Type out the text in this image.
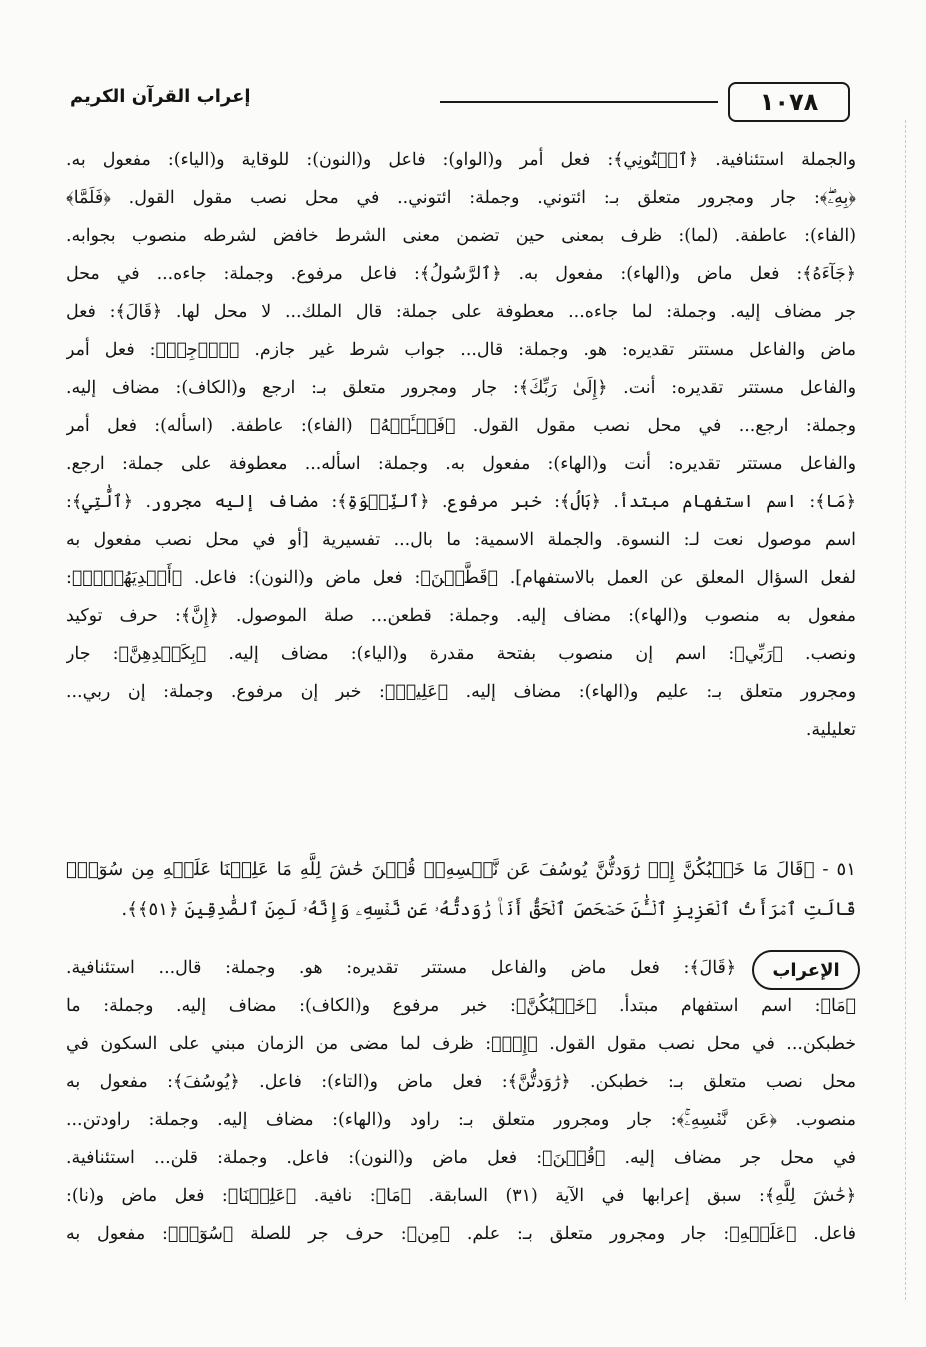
١٠٧٨
إعراب القرآن الكريم
والجملة استئنافية. ﴿ٱئۡتُونِي﴾: فعل أمر و(الواو): فاعل و(النون): للوقاية و(الياء): مفعول به.
﴿بِهِۦۖ﴾: جار ومجرور متعلق بـ: ائتوني. وجملة: ائتوني.. في محل نصب مقول القول. ﴿فَلَمَّا﴾
(الفاء): عاطفة. (لما): ظرف بمعنى حين تضمن معنى الشرط خافض لشرطه منصوب بجوابه.
﴿جَآءَهُ﴾: فعل ماض و(الهاء): مفعول به. ﴿ٱلرَّسُولُ﴾: فاعل مرفوع. وجملة: جاءه... في محل
جر مضاف إليه. وجملة: لما جاءه... معطوفة على جملة: قال الملك... لا محل لها. ﴿قَالَ﴾: فعل
ماض والفاعل مستتر تقديره: هو. وجملة: قال... جواب شرط غير جازم. ﴿ٱرۡجِعۡ﴾: فعل أمر
والفاعل مستتر تقديره: أنت. ﴿إِلَىٰ رَبِّكَ﴾: جار ومجرور متعلق بـ: ارجع و(الكاف): مضاف إليه.
وجملة: ارجع... في محل نصب مقول القول. ﴿فَسۡـَٔلۡهُ﴾ (الفاء): عاطفة. (اسأله): فعل أمر
والفاعل مستتر تقديره: أنت و(الهاء): مفعول به. وجملة: اسأله... معطوفة على جملة: ارجع.
﴿مَا﴾: اسم استفهام مبتدأ. ﴿بَالُ﴾: خبر مرفوع. ﴿ٱلنِّسۡوَةِ﴾: مضاف إليه مجرور. ﴿ٱلَّٰتِي﴾:
اسم موصول نعت لـ: النسوة. والجملة الاسمية: ما بال... تفسيرية [أو في محل نصب مفعول به
لفعل السؤال المعلق عن العمل بالاستفهام]. ﴿قَطَّعۡنَ﴾: فعل ماض و(النون): فاعل. ﴿أَيۡدِيَهُنَّۚ﴾:
مفعول به منصوب و(الهاء): مضاف إليه. وجملة: قطعن... صلة الموصول. ﴿إِنَّ﴾: حرف توكيد
ونصب. ﴿رَبِّي﴾: اسم إن منصوب بفتحة مقدرة و(الياء): مضاف إليه. ﴿بِكَيۡدِهِنَّ﴾: جار
ومجرور متعلق بـ: عليم و(الهاء): مضاف إليه. ﴿عَلِيمٞ﴾: خبر إن مرفوع. وجملة: إن ربي...
تعليلية.
٥١ - ﴿قَالَ مَا خَطۡبُكُنَّ إِذۡ رَٰوَدتُّنَّ يُوسُفَ عَن نَّفۡسِهِۦۚ قُلۡنَ حَٰشَ لِلَّهِ مَا عَلِمۡنَا عَلَيۡهِ مِن سُوٓءٖۚ
قَالَتِ ٱمۡرَأَتُ ٱلۡعَزِيزِ ٱلۡـَٰٔنَ حَصۡحَصَ ٱلۡحَقُّ أَنَا۠ رَٰوَدتُّهُۥ عَن نَّفۡسِهِۦ وَإِنَّهُۥ لَمِنَ ٱلصَّٰدِقِينَ ﴿٥١﴾﴾.
﴿قَالَ﴾: فعل ماض والفاعل مستتر تقديره: هو. وجملة: قال... استئنافية.
﴿مَا﴾: اسم استفهام مبتدأ. ﴿خَطۡبُكُنَّ﴾: خبر مرفوع و(الكاف): مضاف إليه. وجملة: ما
خطبكن... في محل نصب مقول القول. ﴿إِذۡ﴾: ظرف لما مضى من الزمان مبني على السكون في
محل نصب متعلق بـ: خطبكن. ﴿رَٰوَدتُّنَّ﴾: فعل ماض و(التاء): فاعل. ﴿يُوسُفَ﴾: مفعول به
منصوب. ﴿عَن نَّفۡسِهِۦۚ﴾: جار ومجرور متعلق بـ: راود و(الهاء): مضاف إليه. وجملة: راودتن...
في محل جر مضاف إليه. ﴿قُلۡنَ﴾: فعل ماض و(النون): فاعل. وجملة: قلن... استئنافية.
﴿حَٰشَ لِلَّهِ﴾: سبق إعرابها في الآية (٣١) السابقة. ﴿مَا﴾: نافية. ﴿عَلِمۡنَا﴾: فعل ماض و(نا):
فاعل. ﴿عَلَيۡهِ﴾: جار ومجرور متعلق بـ: علم. ﴿مِن﴾: حرف جر للصلة ﴿سُوٓءٖ﴾: مفعول به
الإعراب
